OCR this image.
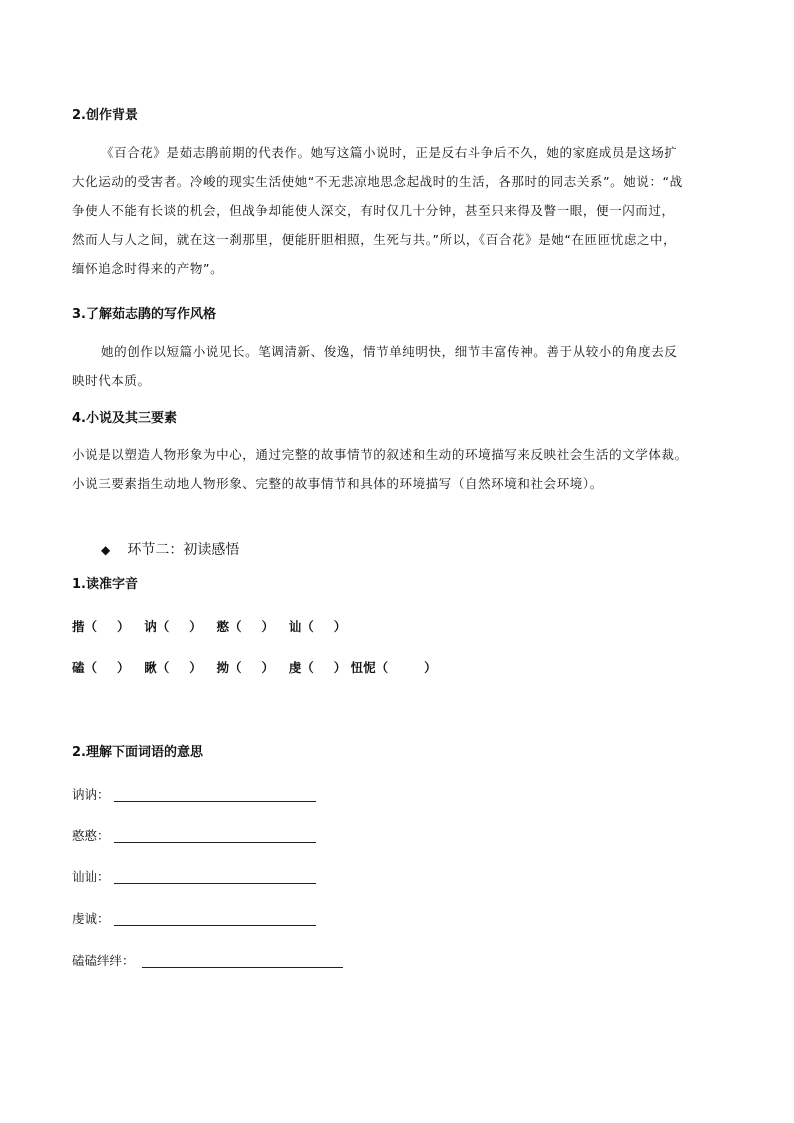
2.创作背景
《百合花》是茹志鹃前期的代表作。她写这篇小说时，正是反右斗争后不久，她的家庭成员是这场扩
大化运动的受害者。冷峻的现实生活使她“不无悲凉地思念起战时的生活，各那时的同志关系”。她说：“战
争使人不能有长谈的机会，但战争却能使人深交，有时仅几十分钟，甚至只来得及瞥一眼，便一闪而过，
然而人与人之间，就在这一刹那里，便能肝胆相照，生死与共。”所以，《百合花》是她“在匝匝忧虑之中，
缅怀追念时得来的产物”。
3.了解茹志鹃的写作风格
她的创作以短篇小说见长。笔调清新、俊逸，情节单纯明快，细节丰富传神。善于从较小的角度去反
映时代本质。
4.小说及其三要素
小说是以塑造人物形象为中心，通过完整的故事情节的叙述和生动的环境描写来反映社会生活的文学体裁。
小说三要素指生动地人物形象、完整的故事情节和具体的环境描写（自然环境和社会环境）。
◆ 环节二：初读感悟
1.读准字音
揩（ ） 讷（ ） 憨（ ） 讪（ ）
磕（ ） 瞅（ ） 拗（ ） 虔（ ） 忸怩（	）
2.理解下面词语的意思
讷讷：
憨憨：
讪讪：
虔诚：
磕磕绊绊：
